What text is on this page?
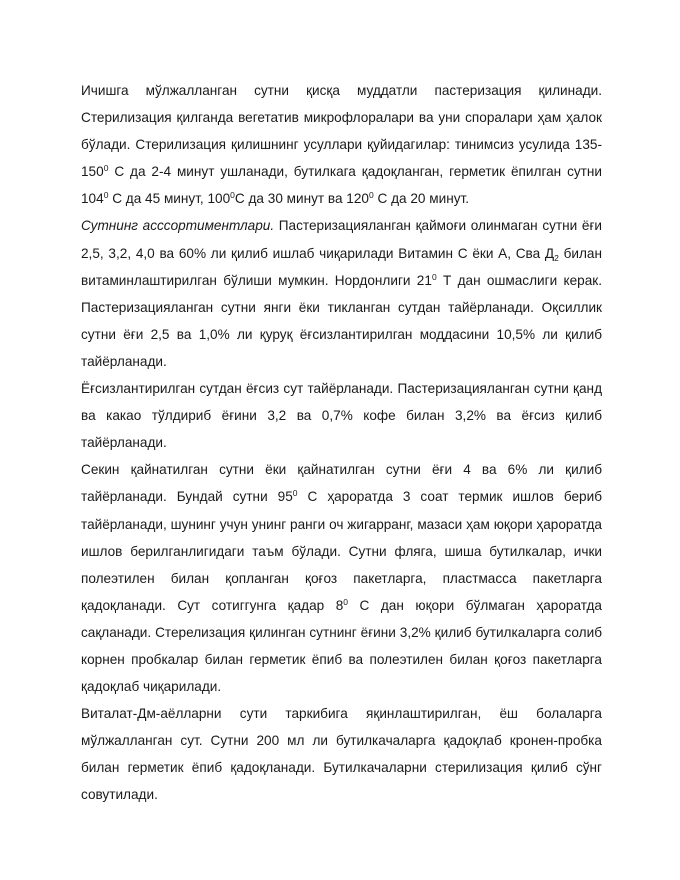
Ичишга мўлжалланган сутни қисқа муддатли пастеризация қилинади. Стерилизация қилганда вегетатив микрофлоралари ва уни споралари ҳам ҳалок бўлади. Стерилизация қилишнинг усуллари қуйидагилар: тинимсиз усулида $135-150^0$ С да 2-4 минут ушланади, бутилкага қадоқланган, герметик ёпилган сутни $104^0$ С да 45 минут, $100^0С$ да 30 минут ва $120^0$ С да 20 минут.

Сутнинг асссортиментлари. Пастеризацияланган қаймоғи олинмаган сутни ёғи 2,5, 3,2, 4,0 ва 60% ли қилиб ишлаб чиқарилади Витамин С ёки А, Сва $Д_2$ билан витаминлаштирилган бўлиши мумкин. Нордонлиги $21^0$ Т дан ошмаслиги керак. Пастеризацияланган сутни янги ёки тикланган сутдан тайёрланади. Оқсиллик сутни ёғи 2,5 ва 1,0% ли қуруқ ёғсизлантирилган моддасини 10,5% ли қилиб тайёрланади.

Ёғсизлантирилган сутдан ёғсиз сут тайёрланади. Пастеризацияланган сутни қанд ва какао тўлдириб ёғини 3,2 ва 0,7% кофе билан 3,2% ва ёғсиз қилиб тайёрланади.

Секин қайнатилган сутни ёки қайнатилган сутни ёғи 4 ва 6% ли қилиб тайёрланади. Бундай сутни $95^0$ С ҳароратда 3 соат термик ишлов бериб тайёрланади, шунинг учун унинг ранги оч жигарранг, мазаси ҳам юқори ҳароратда ишлов берилганлигидаги таъм бўлади. Сутни фляга, шиша бутилкалар, ички полеэтилен билан қопланган қоғоз пакетларга, пластмасса пакетларга қадоқланади. Сут сотиггунга қадар $8^0$ С дан юқори бўлмаган ҳароратда сақланади. Стерелизация қилинган сутнинг ёғини 3,2% қилиб бутилкаларга солиб корнен пробкалар билан герметик ёпиб ва полеэтилен билан қоғоз пакетларга қадоқлаб чиқарилади.

Виталат-Дм-аёлларни сути таркибига яқинлаштирилган, ёш болаларга мўлжалланган сут. Сутни 200 мл ли бутилкачаларга қадоқлаб кронен-пробка билан герметик ёпиб қадоқланади. Бутилкачаларни стерилизация қилиб сўнг совутилади.
